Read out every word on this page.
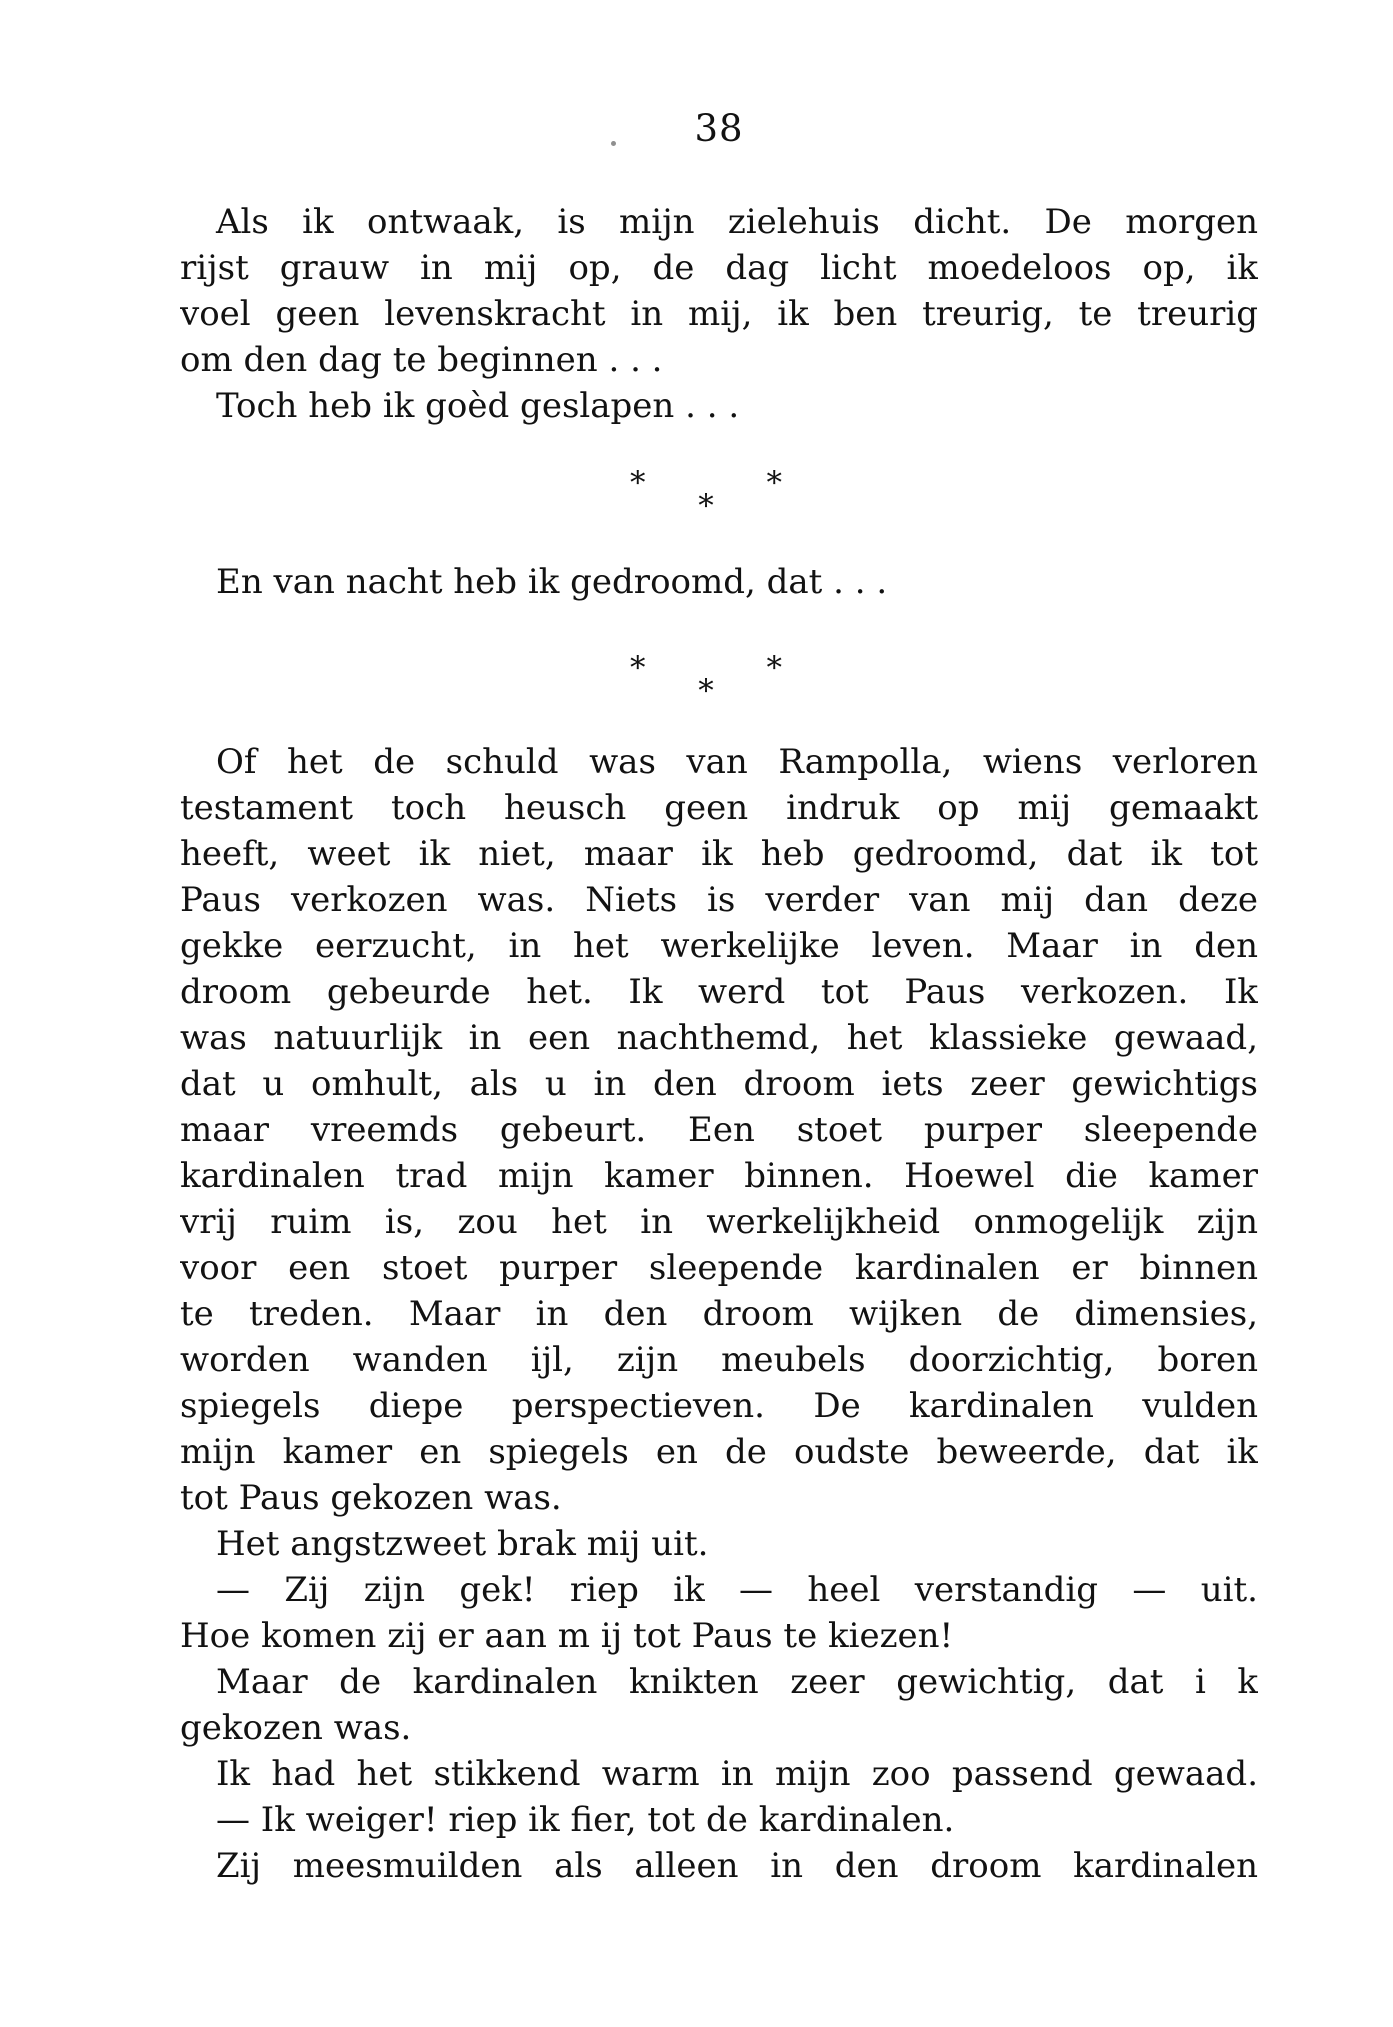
38
Als ik ontwaak, is mijn zielehuis dicht. De morgen
rijst grauw in mij op, de dag licht moedeloos op, ik
voel geen levenskracht in mij, ik ben treurig, te treurig
om den dag te beginnen . . .
Toch heb ik goèd geslapen . . .
*	*
*
En van nacht heb ik gedroomd, dat . . .
*	*
*
Of het de schuld was van Rampolla, wiens verloren
testament toch heusch geen indruk op mij gemaakt
heeft, weet ik niet, maar ik heb gedroomd, dat ik tot
Paus verkozen was. Niets is verder van mij dan deze
gekke eerzucht, in het werkelijke leven. Maar in den
droom gebeurde het. Ik werd tot Paus verkozen. Ik
was natuurlijk in een nachthemd, het klassieke gewaad,
dat u omhult, als u in den droom iets zeer gewichtigs
maar vreemds gebeurt. Een stoet purper sleepende
kardinalen trad mijn kamer binnen. Hoewel die kamer
vrij ruim is, zou het in werkelijkheid onmogelijk zijn
voor een stoet purper sleepende kardinalen er binnen
te treden. Maar in den droom wijken de dimensies,
worden wanden ijl, zijn meubels doorzichtig, boren
spiegels diepe perspectieven. De kardinalen vulden
mijn kamer en spiegels en de oudste beweerde, dat ik
tot Paus gekozen was.
Het angstzweet brak mij uit.
— Zij zijn gek! riep ik — heel verstandig — uit.
Hoe komen zij er aan m ij tot Paus te kiezen!
Maar de kardinalen knikten zeer gewichtig, dat i k
gekozen was.
Ik had het stikkend warm in mijn zoo passend gewaad.
— Ik weiger! riep ik fier, tot de kardinalen.
Zij meesmuilden als alleen in den droom kardinalen
